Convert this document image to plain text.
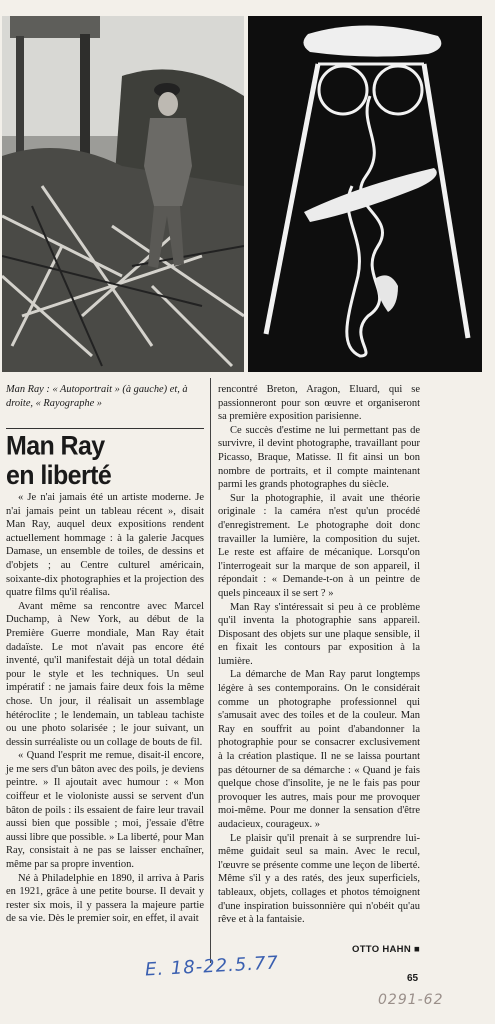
Man Ray : « Autoportrait » (à gauche) et, à droite, « Rayographe »
Man Ray
en liberté

« Je n'ai jamais été un artiste moderne. Je n'ai jamais peint un tableau récent », disait Man Ray, auquel deux expositions rendent actuellement hommage : à la galerie Jacques Damase, un ensemble de toiles, de dessins et d'objets ; au Centre culturel américain, soixante-dix photographies et la projection des quatre films qu'il réalisa.

Avant même sa rencontre avec Marcel Duchamp, à New York, au début de la Première Guerre mondiale, Man Ray était dadaïste. Le mot n'avait pas encore été inventé, qu'il manifestait déjà un total dédain pour le style et les techniques. Un seul impératif : ne jamais faire deux fois la même chose. Un jour, il réalisait un assemblage hétéroclite ; le lendemain, un tableau tachiste ou une photo solarisée ; le jour suivant, un dessin surréaliste ou un collage de bouts de fil.

« Quand l'esprit me remue, disait-il encore, je me sers d'un bâton avec des poils, je deviens peintre. » Il ajoutait avec humour : « Mon coiffeur et le violoniste aussi se servent d'un bâton de poils : ils essaient de faire leur travail aussi bien que possible ; moi, j'essaie d'être aussi libre que possible. » La liberté, pour Man Ray, consistait à ne pas se laisser enchaîner, même par sa propre invention.

Né à Philadelphie en 1890, il arriva à Paris en 1921, grâce à une petite bourse. Il devait y rester six mois, il y passera la majeure partie de sa vie. Dès le premier soir, en effet, il avait

rencontré Breton, Aragon, Eluard, qui se passionneront pour son œuvre et organiseront sa première exposition parisienne.

Ce succès d'estime ne lui permettant pas de survivre, il devint photographe, travaillant pour Picasso, Braque, Matisse. Il fit ainsi un bon nombre de portraits, et il compte maintenant parmi les grands photographes du siècle.

Sur la photographie, il avait une théorie originale : la caméra n'est qu'un procédé d'enregistrement. Le photographe doit donc travailler la lumière, la composition du sujet. Le reste est affaire de mécanique. Lorsqu'on l'interrogeait sur la marque de son appareil, il répondait : « Demande-t-on à un peintre de quels pinceaux il se sert ? »

Man Ray s'intéressait si peu à ce problème qu'il inventa la photographie sans appareil. Disposant des objets sur une plaque sensible, il en fixait les contours par exposition à la lumière.

La démarche de Man Ray parut longtemps légère à ses contemporains. On le considérait comme un photographe professionnel qui s'amusait avec des toiles et de la couleur. Man Ray en souffrit au point d'abandonner la photographie pour se consacrer exclusivement à la création plastique. Il ne se laissa pourtant pas détourner de sa démarche : « Quand je fais quelque chose d'insolite, je ne le fais pas pour provoquer les autres, mais pour me provoquer moi-même. Pour me donner la sensation d'être audacieux, courageux. »

Le plaisir qu'il prenait à se surprendre lui-même guidait seul sa main. Avec le recul, l'œuvre se présente comme une leçon de liberté. Même s'il y a des ratés, des jeux superficiels, tableaux, objets, collages et photos témoignent d'une inspiration buissonnière qui n'obéit qu'au rêve et à la fantaisie.

OTTO HAHN ■
65
E. 18-22.5.77
0291-62
